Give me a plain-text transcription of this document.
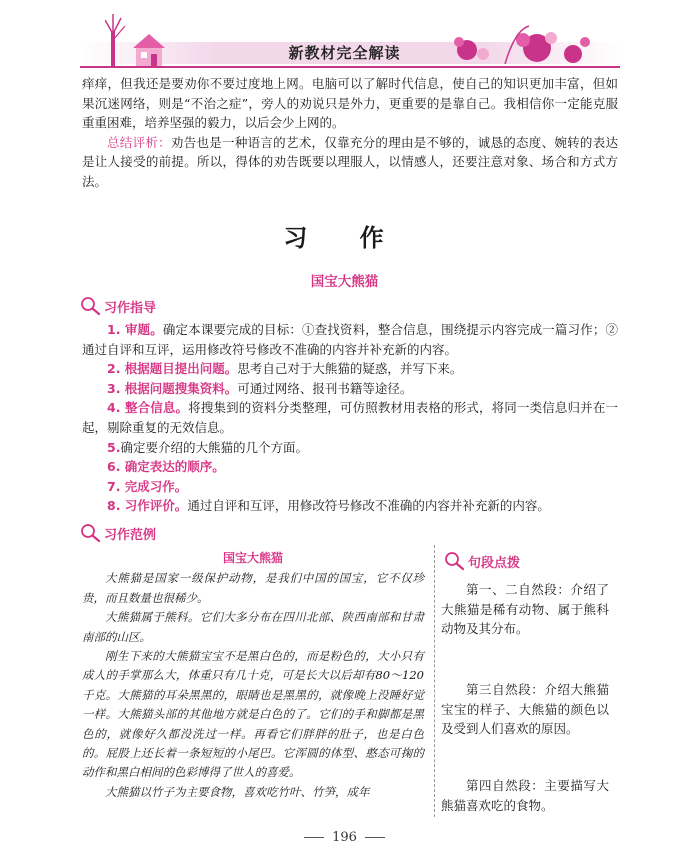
新教材完全解读

痒痒，但我还是要劝你不要过度地上网。电脑可以了解时代信息，使自己的知识更加丰富，但如果沉迷网络，则是“不治之症”，旁人的劝说只是外力，更重要的是靠自己。我相信你一定能克服重重困难，培养坚强的毅力，以后会少上网的。

总结评析：劝告也是一种语言的艺术，仅靠充分的理由是不够的，诚恳的态度、婉转的表达是让人接受的前提。所以，得体的劝告既要以理服人，以情感人，还要注意对象、场合和方式方法。

习 作
国宝大熊猫
习作指导

1. 审题。确定本课要完成的目标：①查找资料，整合信息，围绕提示内容完成一篇习作；②通过自评和互评，运用修改符号修改不准确的内容并补充新的内容。

2. 根据题目提出问题。思考自己对于大熊猫的疑惑，并写下来。

3. 根据问题搜集资料。可通过网络、报刊书籍等途径。

4. 整合信息。将搜集到的资料分类整理，可仿照教材用表格的形式，将同一类信息归并在一起，剔除重复的无效信息。

5.确定要介绍的大熊猫的几个方面。

6. 确定表达的顺序。

7. 完成习作。

8. 习作评价。通过自评和互评，用修改符号修改不准确的内容并补充新的内容。

习作范例
国宝大熊猫

大熊猫是国家一级保护动物，是我们中国的国宝，它不仅珍贵，而且数量也很稀少。

大熊猫属于熊科。它们大多分布在四川北部、陕西南部和甘肃南部的山区。

刚生下来的大熊猫宝宝不是黑白色的，而是粉色的，大小只有成人的手掌那么大，体重只有几十克，可是长大以后却有80～120千克。大熊猫的耳朵黑黑的，眼睛也是黑黑的，就像晚上没睡好觉一样。大熊猫头部的其他地方就是白色的了。它们的手和脚都是黑色的，就像好久都没洗过一样。再看它们胖胖的肚子，也是白色的。屁股上还长着一条短短的小尾巴。它浑圆的体型、憨态可掬的动作和黑白相间的色彩博得了世人的喜爱。

大熊猫以竹子为主要食物，喜欢吃竹叶、竹笋，成年

句段点拨

第一、二自然段：介绍了大熊猫是稀有动物、属于熊科动物及其分布。

第三自然段：介绍大熊猫宝宝的样子、大熊猫的颜色以及受到人们喜欢的原因。

第四自然段：主要描写大熊猫喜欢吃的食物。

196
